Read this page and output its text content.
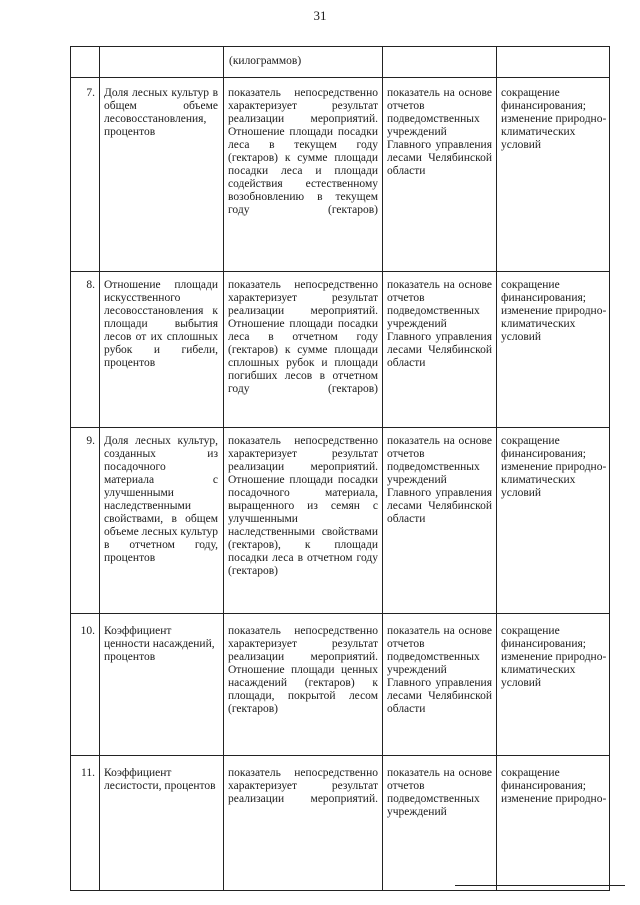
31
(килограммов)
7. Доля лесных культур в общем объеме лесовосстановления, процентов
показатель непосредственно характеризует результат реализации мероприятий. Отношение площади посадки леса в текущем году (гектаров) к сумме площади посадки леса и площади содействия естественному возобновлению в текущем году (гектаров)
показатель на основе отчетов подведомственных учреждений Главного управления лесами Челябинской области
сокращение финансирования; изменение природно-климатических условий
8. Отношение площади искусственного лесовосстановления к площади выбытия лесов от их сплошных рубок и гибели, процентов
показатель непосредственно характеризует результат реализации мероприятий. Отношение площади посадки леса в отчетном году (гектаров) к сумме площади сплошных рубок и площади погибших лесов в отчетном году (гектаров)
показатель на основе отчетов подведомственных учреждений Главного управления лесами Челябинской области
сокращение финансирования; изменение природно-климатических условий
9. Доля лесных культур, созданных из посадочного материала с улучшенными наследственными свойствами, в общем объеме лесных культур в отчетном году, процентов
показатель непосредственно характеризует результат реализации мероприятий. Отношение площади посадки посадочного материала, выращенного из семян с улучшенными наследственными свойствами (гектаров), к площади посадки леса в отчетном году (гектаров)
показатель на основе отчетов подведомственных учреждений Главного управления лесами Челябинской области
сокращение финансирования; изменение природно-климатических условий
10. Коэффициент ценности насаждений, процентов
показатель непосредственно характеризует результат реализации мероприятий. Отношение площади ценных насаждений (гектаров) к площади, покрытой лесом (гектаров)
показатель на основе отчетов подведомственных учреждений Главного управления лесами Челябинской области
сокращение финансирования; изменение природно-климатических условий
11. Коэффициент лесистости, процентов
показатель непосредственно характеризует результат реализации мероприятий.
показатель на основе отчетов подведомственных учреждений
сокращение финансирования; изменение природно-
